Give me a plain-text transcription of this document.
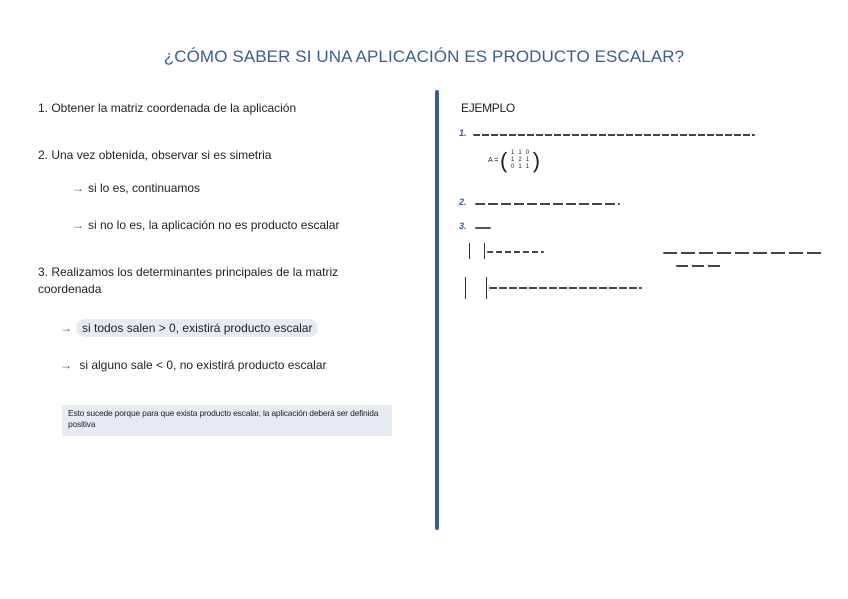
¿CÓMO SABER SI UNA APLICACIÓN ES PRODUCTO ESCALAR?
1. Obtener la matriz coordenada de la aplicación
2. Una vez obtenida, observar si es simetria
→ si lo es, continuamos
→ si no lo es, la aplicación no es producto escalar
3. Realizamos los determinantes principales de la matriz coordenada
→ si todos salen > 0, existirá producto escalar
→ si alguno sale < 0, no existirá producto escalar
Esto sucede porque para que exista producto escalar, la aplicación deberá ser definida positiva
EJEMPLO
1.
A = ( 1	1	0
1	2	1
0	1	1 )
2.
3.
